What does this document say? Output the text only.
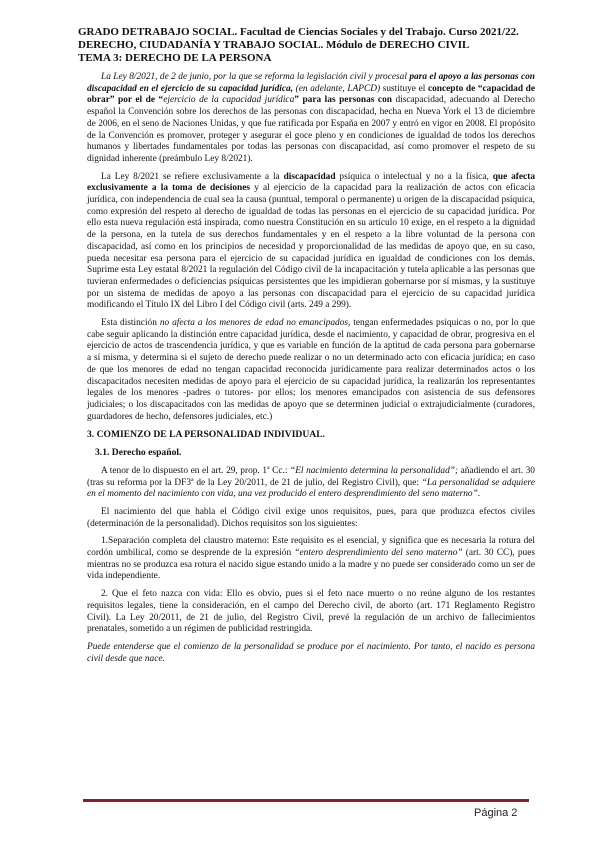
GRADO DETRABAJO SOCIAL. Facultad de Ciencias Sociales y del Trabajo. Curso 2021/22.
DERECHO, CIUDADANÍA Y TRABAJO SOCIAL. Módulo de DERECHO CIVIL
TEMA 3: DERECHO DE LA PERSONA

La Ley 8/2021, de 2 de junio, por la que se reforma la legislación civil y procesal para el apoyo a las personas con discapacidad en el ejercicio de su capacidad jurídica, (en adelante, LAPCD) sustituye el concepto de “capacidad de obrar” por el de “ejercicio de la capacidad jurídica” para las personas con discapacidad, adecuando al Derecho español la Convención sobre los derechos de las personas con discapacidad, hecha en Nueva York el 13 de diciembre de 2006, en el seno de Naciones Unidas, y que fue ratificada por España en 2007 y entró en vigor en 2008. El propósito de la Convención es promover, proteger y asegurar el goce pleno y en condiciones de igualdad de todos los derechos humanos y libertades fundamentales por todas las personas con discapacidad, así como promover el respeto de su dignidad inherente (preámbulo Ley 8/2021).

La Ley 8/2021 se refiere exclusivamente a la discapacidad psíquica o intelectual y no a la física, que afecta exclusivamente a la toma de decisiones y al ejercicio de la capacidad para la realización de actos con eficacia jurídica, con independencia de cual sea la causa (puntual, temporal o permanente) u origen de la discapacidad psíquica, como expresión del respeto al derecho de igualdad de todas las personas en el ejercicio de su capacidad jurídica. Por ello esta nueva regulación está inspirada, como nuestra Constitución en su artículo 10 exige, en el respeto a la dignidad de la persona, en la tutela de sus derechos fundamentales y en el respeto a la libre voluntad de la persona con discapacidad, así como en los principios de necesidad y proporcionalidad de las medidas de apoyo que, en su caso, pueda necesitar esa persona para el ejercicio de su capacidad jurídica en igualdad de condiciones con los demás. Suprime esta Ley estatal 8/2021 la regulación del Código civil de la incapacitación y tutela aplicable a las personas que tuvieran enfermedades o deficiencias psíquicas persistentes que les impidieran gobernarse por sí mismas, y la sustituye por un sistema de medidas de apoyo a las personas con discapacidad para el ejercicio de su capacidad jurídica modificando el Título IX del Libro I del Código civil (arts. 249 a 299).

Esta distinción no afecta a los menores de edad no emancipados, tengan enfermedades psíquicas o no, por lo que cabe seguir aplicando la distinción entre capacidad jurídica, desde el nacimiento, y capacidad de obrar, progresiva en el ejercicio de actos de trascendencia jurídica, y que es variable en función de la aptitud de cada persona para gobernarse a sí misma, y determina si el sujeto de derecho puede realizar o no un determinado acto con eficacia jurídica; en caso de que los menores de edad no tengan capacidad reconocida jurídicamente para realizar determinados actos o los discapacitados necesiten medidas de apoyo para el ejercicio de su capacidad jurídica, la realizarán los representantes legales de los menores -padres o tutores- por ellos; los menores emancipados con asistencia de sus defensores judiciales; o los discapacitados con las medidas de apoyo que se determinen judicial o extrajudicialmente (curadores, guardadores de hecho, defensores judiciales, etc.)

3. COMIENZO DE LA PERSONALIDAD INDIVIDUAL.
3.1. Derecho español.

A tenor de lo dispuesto en el art. 29, prop. 1ª Cc.: “El nacimiento determina la personalidad”; añadiendo el art. 30 (tras su reforma por la DF3ª de la Ley 20/2011, de 21 de julio, del Registro Civil), que: “La personalidad se adquiere en el momento del nacimiento con vida, una vez producido el entero desprendimiento del seno materno”.

El nacimiento del que habla el Código civil exige unos requisitos, pues, para que produzca efectos civiles (determinación de la personalidad). Dichos requisitos son los siguientes:

1.Separación completa del claustro materno: Este requisito es el esencial, y significa que es necesaria la rotura del cordón umbilical, como se desprende de la expresión “entero desprendimiento del seno materno” (art. 30 CC), pues mientras no se produzca esa rotura el nacido sigue estando unido a la madre y no puede ser considerado como un ser de vida independiente.

2. Que el feto nazca con vida: Ello es obvio, pues si el feto nace muerto o no reúne alguno de los restantes requisitos legales, tiene la consideración, en el campo del Derecho civil, de aborto (art. 171 Reglamento Registro Civil). La Ley 20/2011, de 21 de julio, del Registro Civil, prevé la regulación de un archivo de fallecimientos prenatales, sometido a un régimen de publicidad restringida.

Puede entenderse que el comienzo de la personalidad se produce por el nacimiento. Por tanto, el nacido es persona civil desde que nace.

Página 2
